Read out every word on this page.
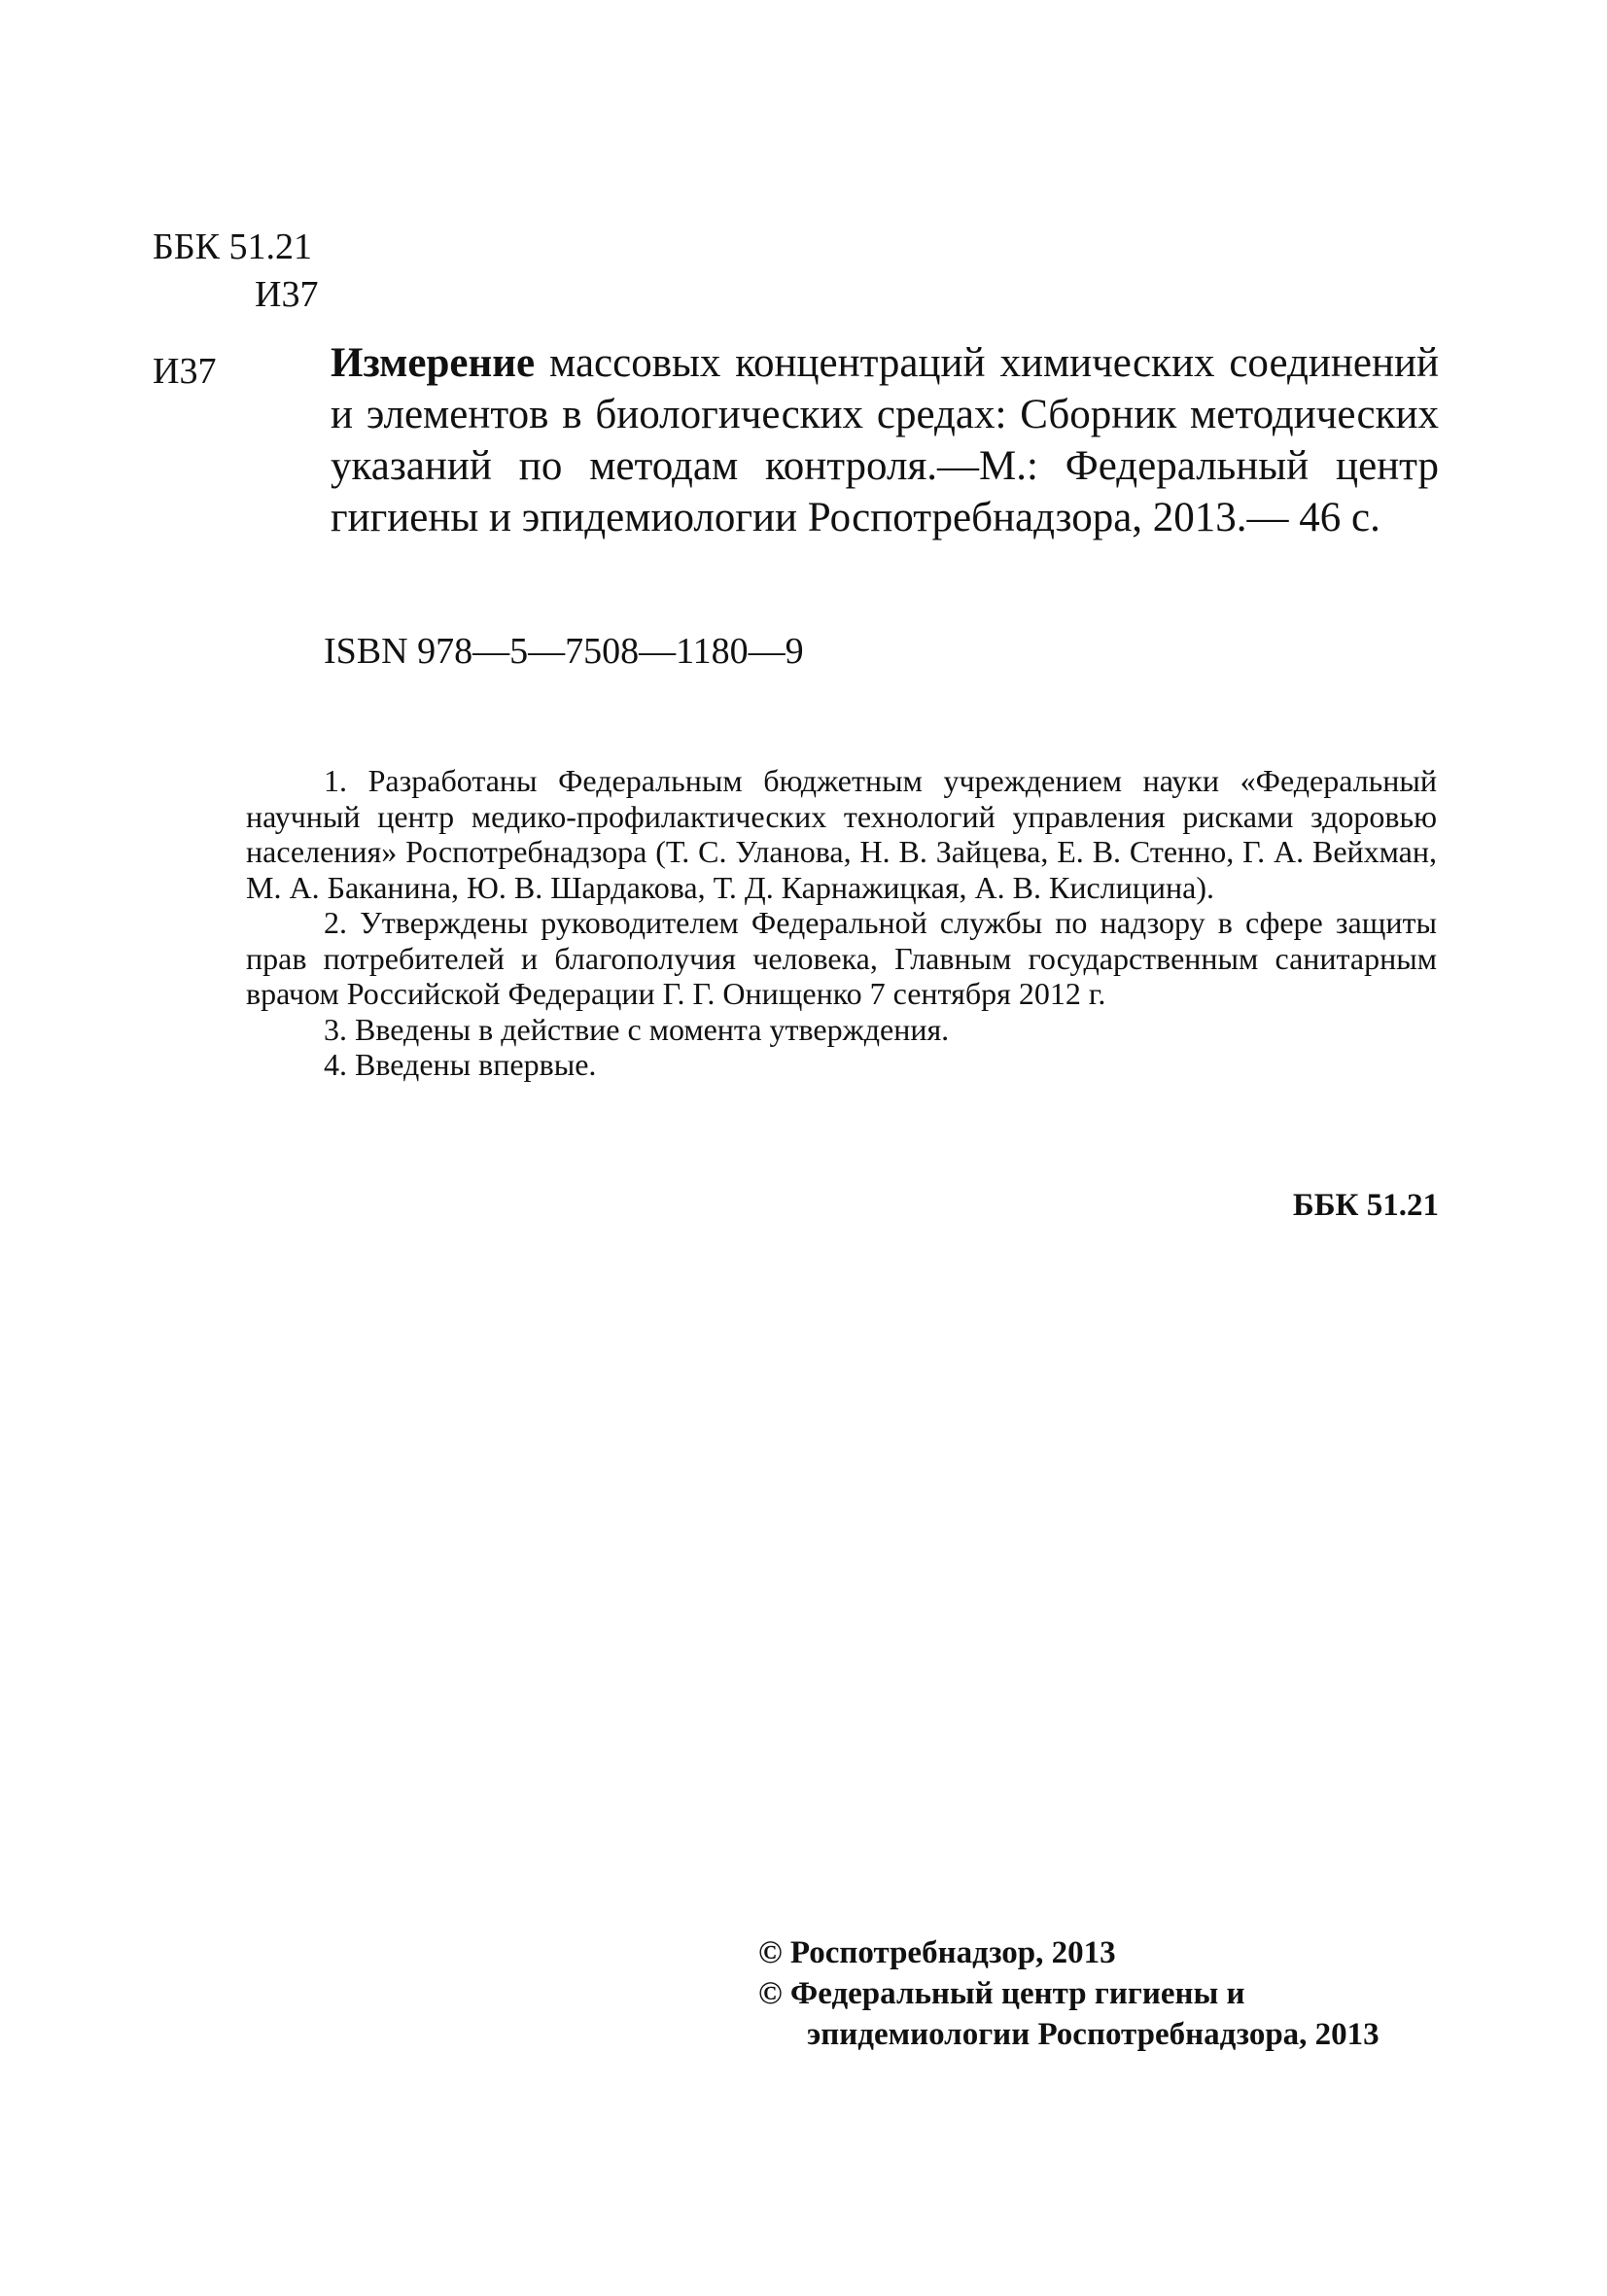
ББК 51.21
И37
И37	Измерение массовых концентраций химических соединений и элементов в биологических средах: Сборник методических указаний по методам контроля.—М.: Федеральный центр гигиены и эпидемиологии Роспотребнадзора, 2013.— 46 с.
ISBN 978—5—7508—1180—9

1. Разработаны Федеральным бюджетным учреждением науки «Федеральный научный центр медико-профилактических технологий управления рисками здоровью населения» Роспотребнадзора (Т. С. Уланова, Н. В. Зайцева, Е. В. Стенно, Г. А. Вейхман, М. А. Баканина, Ю. В. Шардакова, Т. Д. Карнажицкая, А. В. Кислицина).

2. Утверждены руководителем Федеральной службы по надзору в сфере защиты прав потребителей и благополучия человека, Главным государственным санитарным врачом Российской Федерации Г. Г. Онищенко 7 сентября 2012 г.

3. Введены в действие с момента утверждения.

4. Введены впервые.

ББК 51.21

© Роспотребнадзор, 2013

© Федеральный центр гигиены и

эпидемиологии Роспотребнадзора, 2013
